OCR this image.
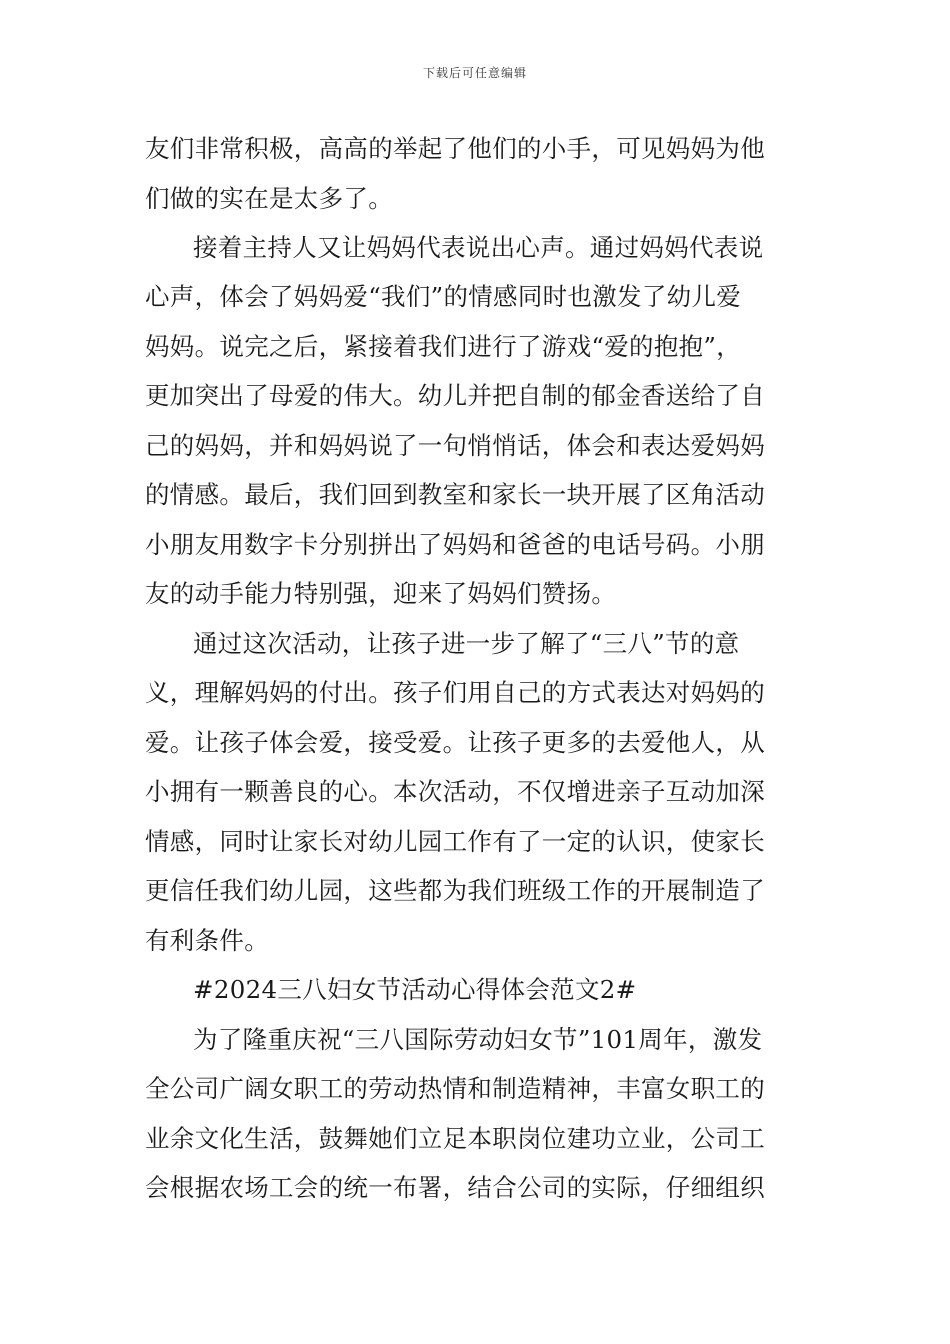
下载后可任意编辑
友们非常积极，高高的举起了他们的小手，可见妈妈为他
们做的实在是太多了。
接着主持人又让妈妈代表说出心声。通过妈妈代表说
心声，体会了妈妈爱“我们”的情感同时也激发了幼儿爱
妈妈。说完之后，紧接着我们进行了游戏“爱的抱抱”，
更加突出了母爱的伟大。幼儿并把自制的郁金香送给了自
己的妈妈，并和妈妈说了一句悄悄话，体会和表达爱妈妈
的情感。最后，我们回到教室和家长一块开展了区角活动
小朋友用数字卡分别拼出了妈妈和爸爸的电话号码。小朋
友的动手能力特别强，迎来了妈妈们赞扬。
通过这次活动，让孩子进一步了解了“三八”节的意
义，理解妈妈的付出。孩子们用自己的方式表达对妈妈的
爱。让孩子体会爱，接受爱。让孩子更多的去爱他人，从
小拥有一颗善良的心。本次活动，不仅增进亲子互动加深
情感，同时让家长对幼儿园工作有了一定的认识，使家长
更信任我们幼儿园，这些都为我们班级工作的开展制造了
有利条件。
#2024三八妇女节活动心得体会范文2#
为了隆重庆祝“三八国际劳动妇女节”101周年，激发
全公司广阔女职工的劳动热情和制造精神，丰富女职工的
业余文化生活，鼓舞她们立足本职岗位建功立业，公司工
会根据农场工会的统一布署，结合公司的实际，仔细组织
